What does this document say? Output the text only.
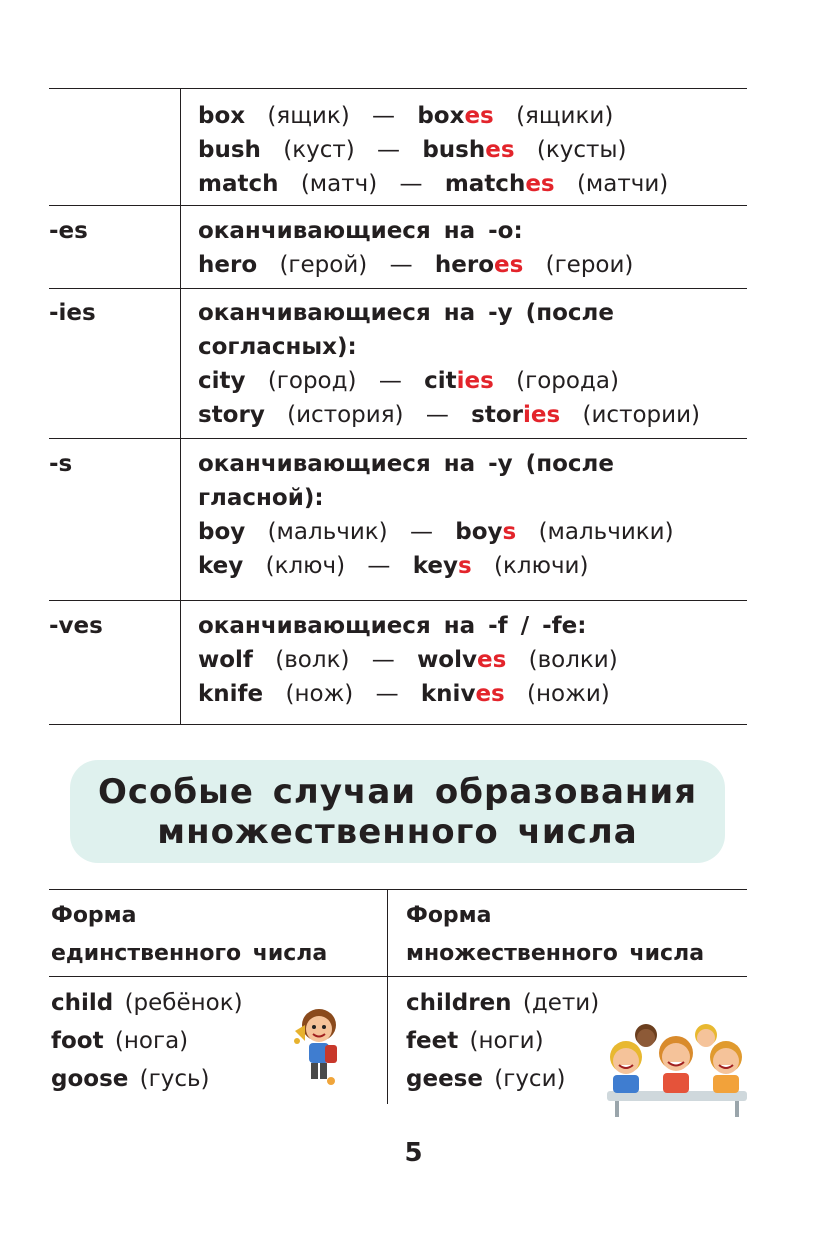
-es
-ies
-s
-ves
box (ящик) — boxes (ящики)
bush (куст) — bushes (кусты)
match (матч) — matches (матчи)
оканчивающиеся на -o:
hero (герой) — heroes (герои)
оканчивающиеся на -y (после
согласных):
city (город) — cities (города)
story (история) — stories (истории)
оканчивающиеся на -y (после
гласной):
boy (мальчик) — boys (мальчики)
key (ключ) — keys (ключи)
оканчивающиеся на -f / -fe:
wolf (волк) — wolves (волки)
knife (нож) — knives (ножи)
Особые случаи образования
множественного числа
Форма
единственного числа
Форма
множественного числа
child (ребёнок)
foot (нога)
goose (гусь)
children (дети)
feet (ноги)
geese (гуси)
5
